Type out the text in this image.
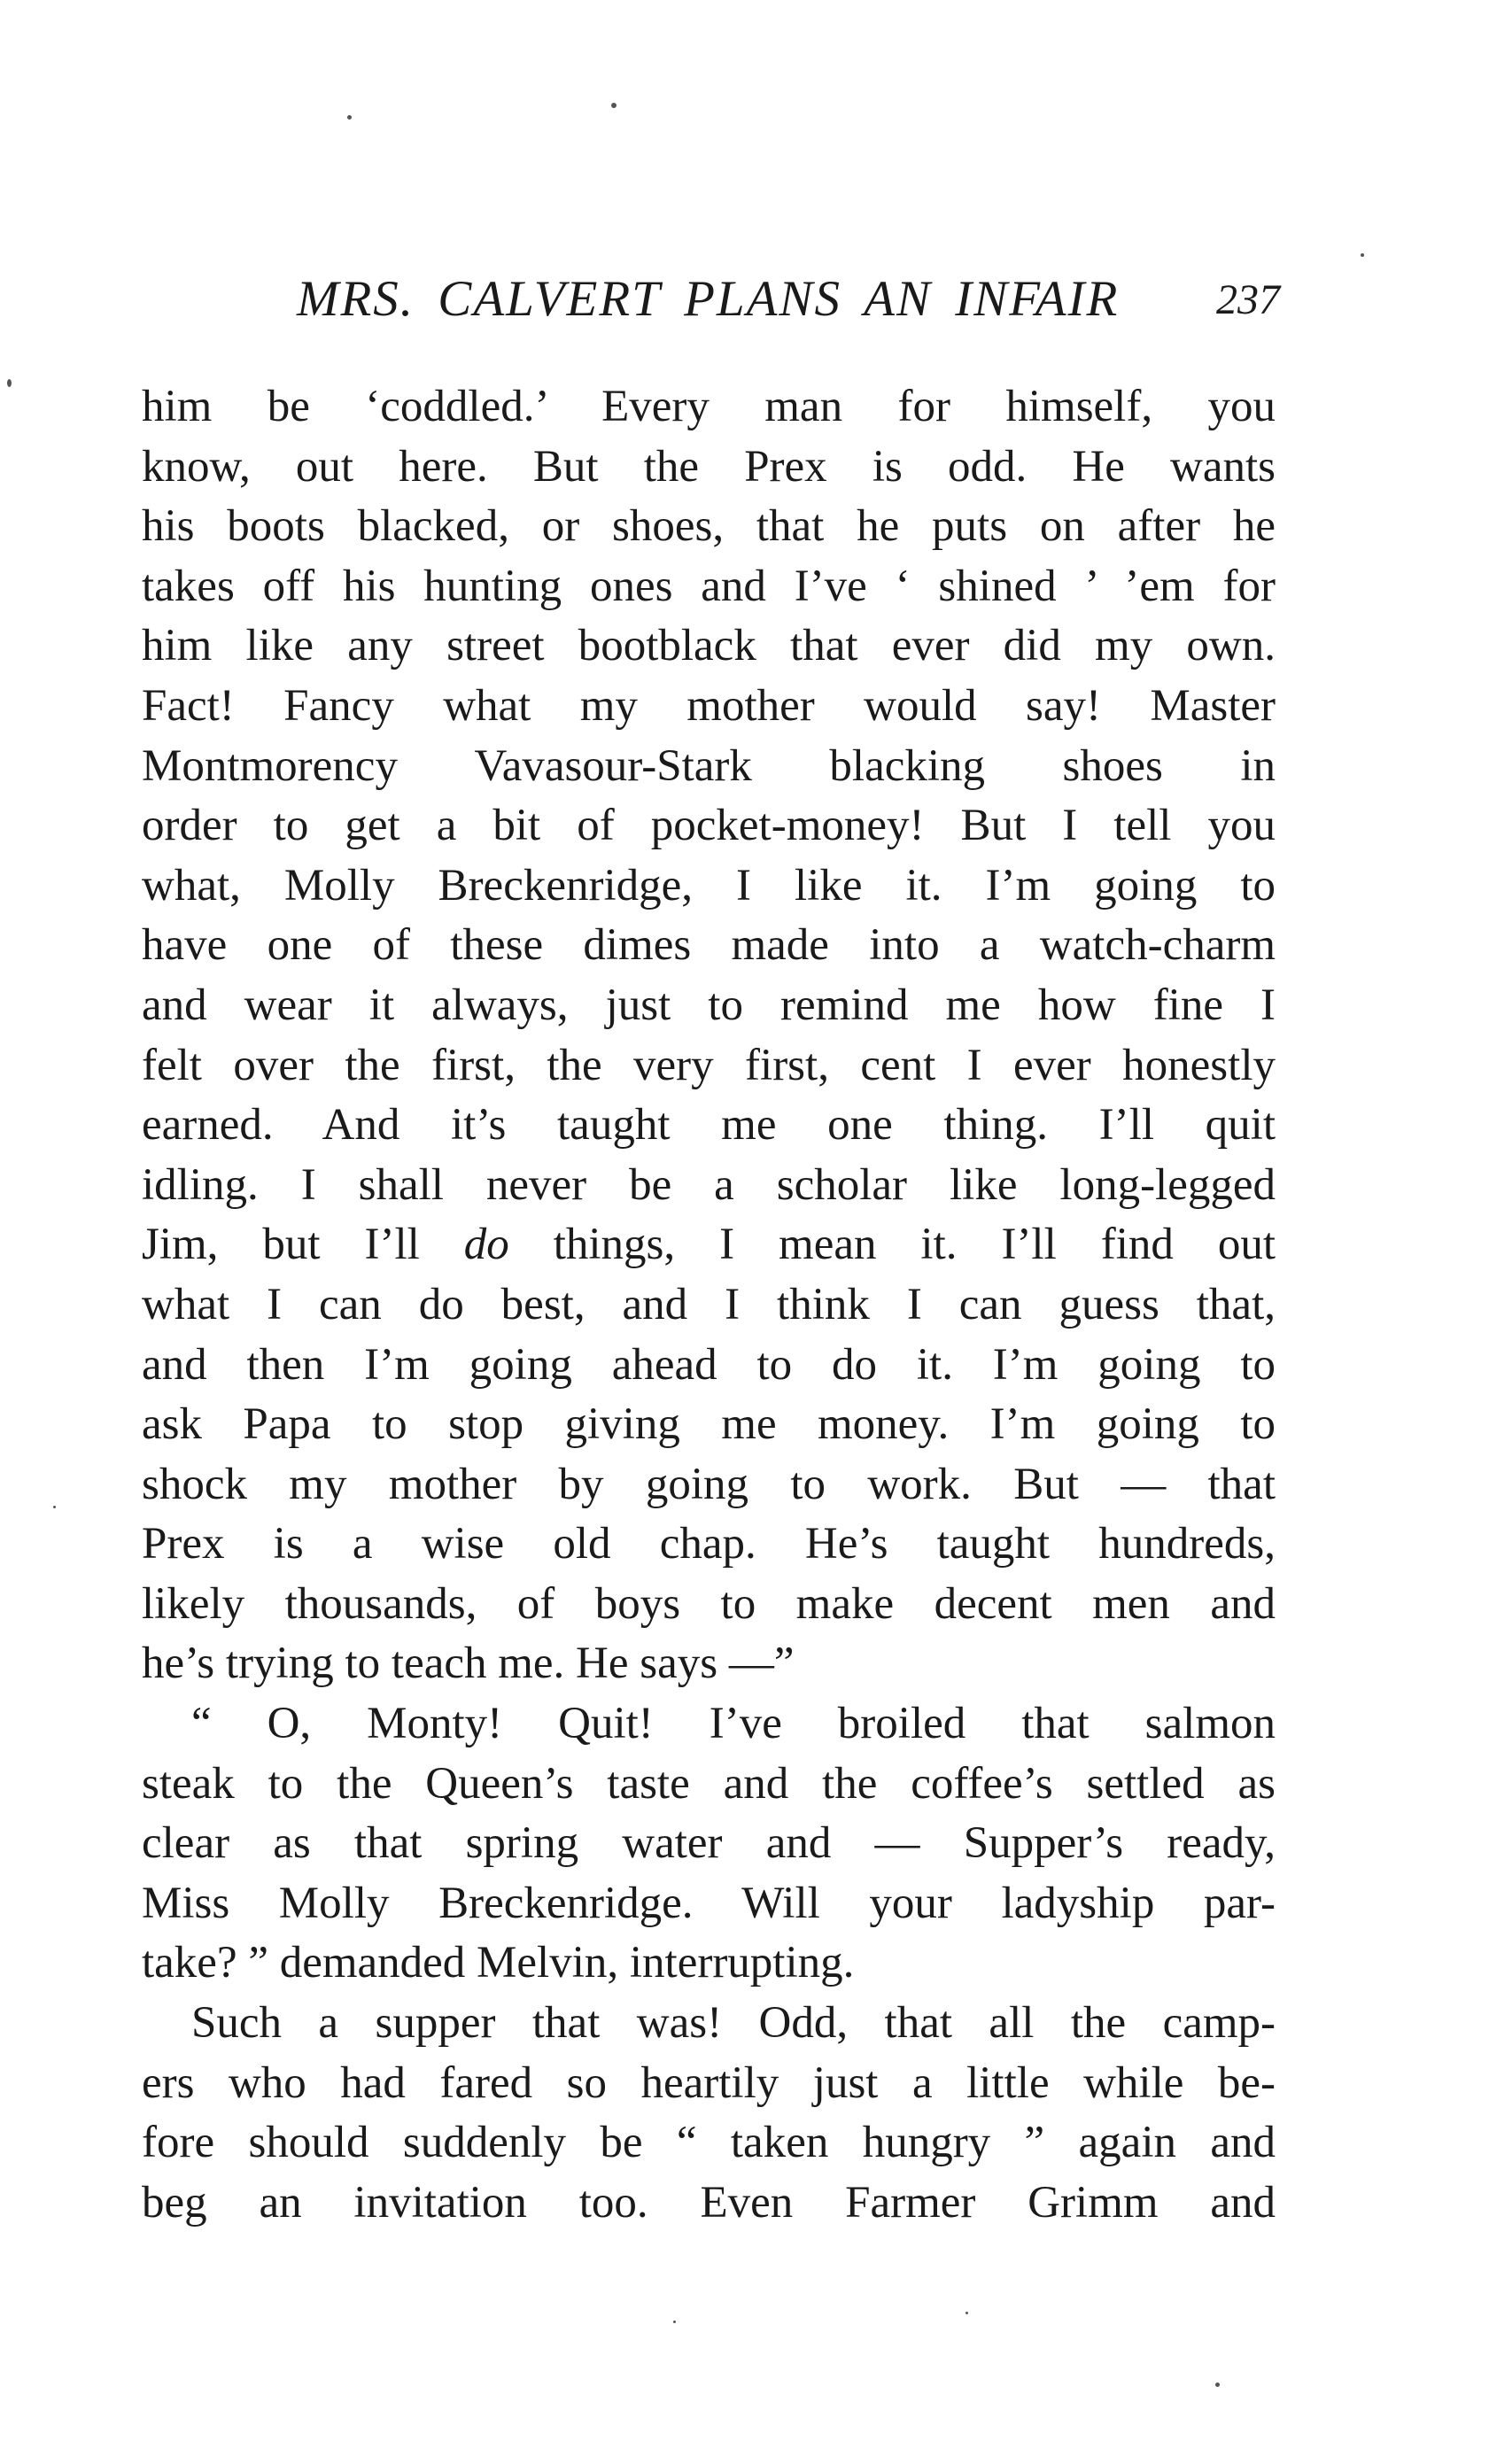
MRS. CALVERT PLANS AN INFAIR 237
him be ‘coddled.’ Every man for himself, you
know, out here. But the Prex is odd. He wants
his boots blacked, or shoes, that he puts on after he
takes off his hunting ones and I’ve ‘ shined ’ ’em for
him like any street bootblack that ever did my own.
Fact! Fancy what my mother would say! Master
Montmorency Vavasour-Stark blacking shoes in
order to get a bit of pocket-money! But I tell you
what, Molly Breckenridge, I like it. I’m going to
have one of these dimes made into a watch-charm
and wear it always, just to remind me how fine I
felt over the first, the very first, cent I ever honestly
earned. And it’s taught me one thing. I’ll quit
idling. I shall never be a scholar like long-legged
Jim, but I’ll do things, I mean it. I’ll find out
what I can do best, and I think I can guess that,
and then I’m going ahead to do it. I’m going to
ask Papa to stop giving me money. I’m going to
shock my mother by going to work. But — that
Prex is a wise old chap. He’s taught hundreds,
likely thousands, of boys to make decent men and
he’s trying to teach me. He says —”
“ O, Monty! Quit! I’ve broiled that salmon
steak to the Queen’s taste and the coffee’s settled as
clear as that spring water and — Supper’s ready,
Miss Molly Breckenridge. Will your ladyship par-
take? ” demanded Melvin, interrupting.
Such a supper that was! Odd, that all the camp-
ers who had fared so heartily just a little while be-
fore should suddenly be “ taken hungry ” again and
beg an invitation too. Even Farmer Grimm and
